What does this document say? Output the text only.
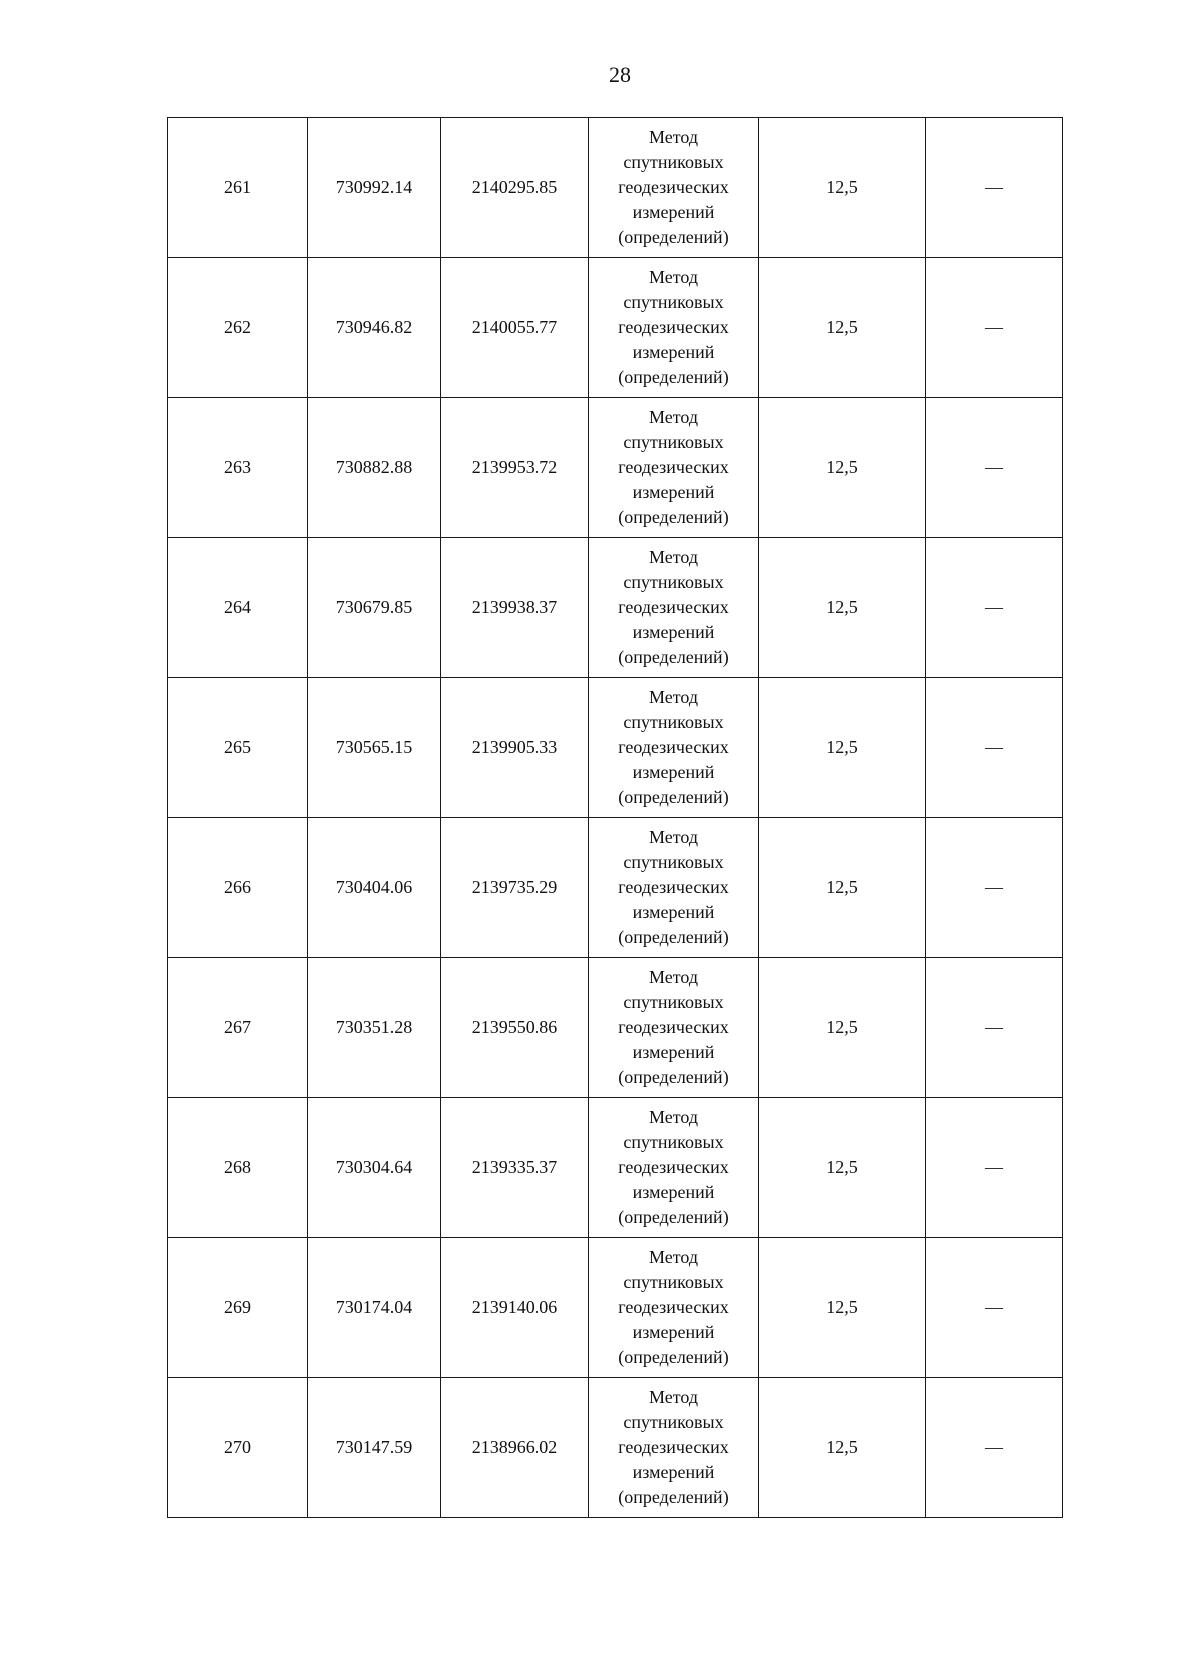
28
261	730992.14	2140295.85	Метод
спутниковых
геодезических
измерений
(определений)	12,5	—
262	730946.82	2140055.77	Метод
спутниковых
геодезических
измерений
(определений)	12,5	—
263	730882.88	2139953.72	Метод
спутниковых
геодезических
измерений
(определений)	12,5	—
264	730679.85	2139938.37	Метод
спутниковых
геодезических
измерений
(определений)	12,5	—
265	730565.15	2139905.33	Метод
спутниковых
геодезических
измерений
(определений)	12,5	—
266	730404.06	2139735.29	Метод
спутниковых
геодезических
измерений
(определений)	12,5	—
267	730351.28	2139550.86	Метод
спутниковых
геодезических
измерений
(определений)	12,5	—
268	730304.64	2139335.37	Метод
спутниковых
геодезических
измерений
(определений)	12,5	—
269	730174.04	2139140.06	Метод
спутниковых
геодезических
измерений
(определений)	12,5	—
270	730147.59	2138966.02	Метод
спутниковых
геодезических
измерений
(определений)	12,5	—
